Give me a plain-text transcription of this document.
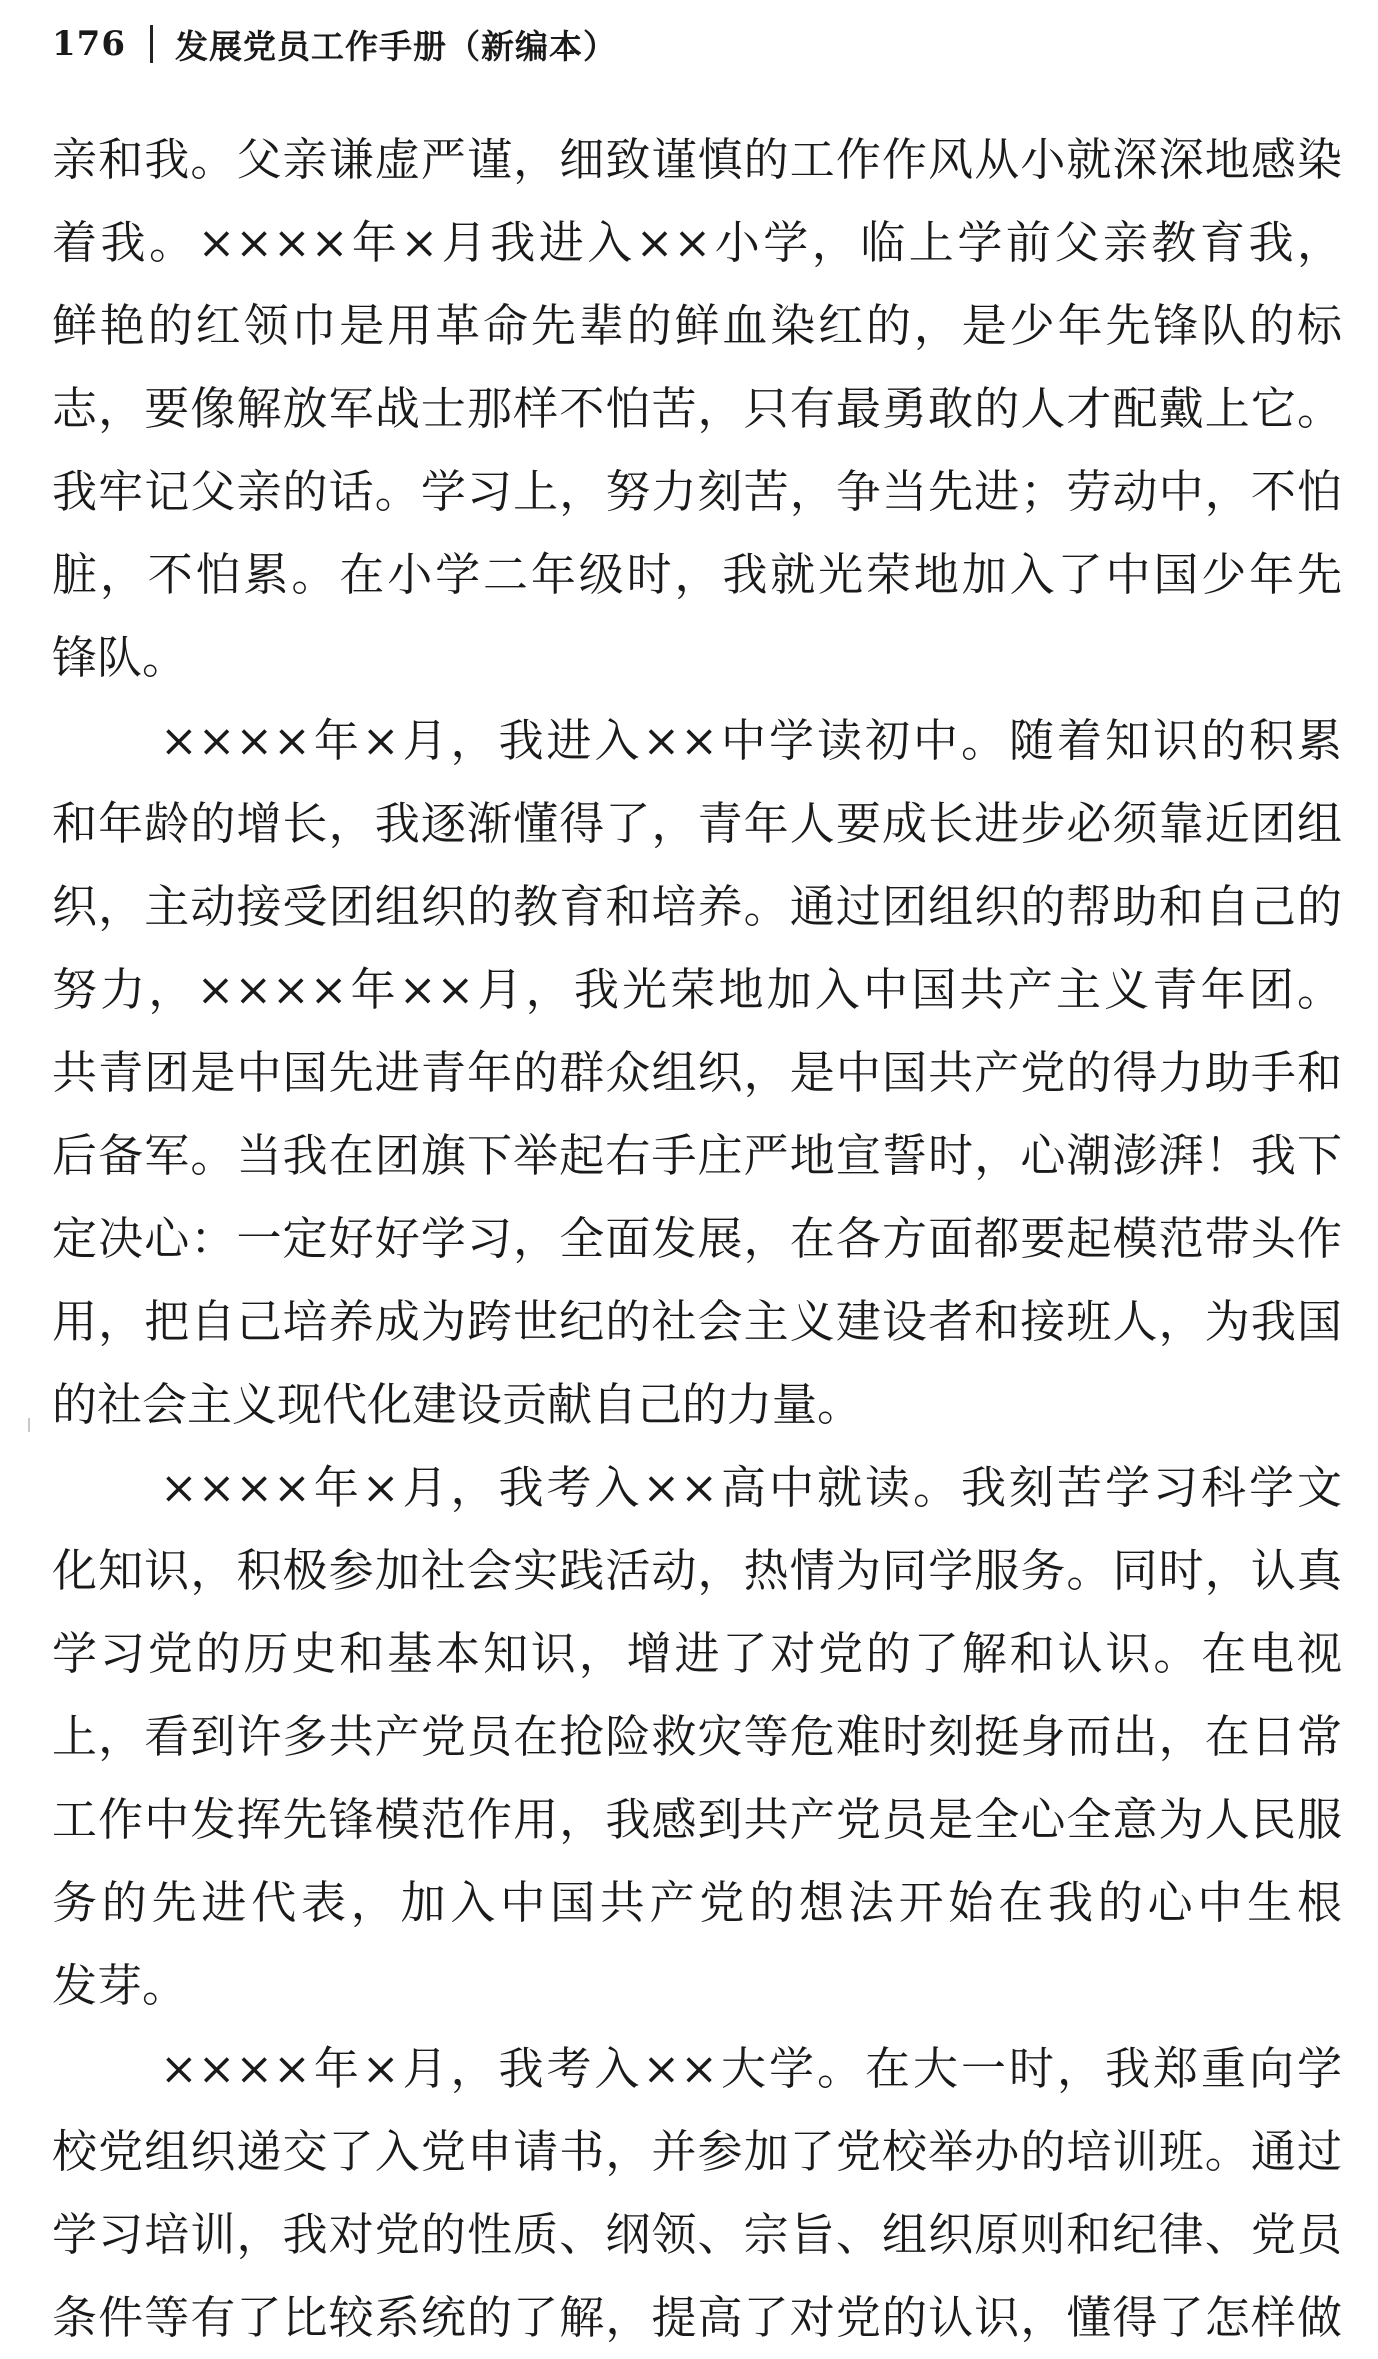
176 发展党员工作手册（新编本）
亲和我。父亲谦虚严谨，细致谨慎的工作作风从小就深深地感染
着我。××××年×月我进入××小学，临上学前父亲教育我，
鲜艳的红领巾是用革命先辈的鲜血染红的，是少年先锋队的标
志，要像解放军战士那样不怕苦，只有最勇敢的人才配戴上它。
我牢记父亲的话。学习上，努力刻苦，争当先进；劳动中，不怕
脏，不怕累。在小学二年级时，我就光荣地加入了中国少年先
锋队。
××××年×月，我进入××中学读初中。随着知识的积累
和年龄的增长，我逐渐懂得了，青年人要成长进步必须靠近团组
织，主动接受团组织的教育和培养。通过团组织的帮助和自己的
努力，××××年××月，我光荣地加入中国共产主义青年团。
共青团是中国先进青年的群众组织，是中国共产党的得力助手和
后备军。当我在团旗下举起右手庄严地宣誓时，心潮澎湃！我下
定决心：一定好好学习，全面发展，在各方面都要起模范带头作
用，把自己培养成为跨世纪的社会主义建设者和接班人，为我国
的社会主义现代化建设贡献自己的力量。
××××年×月，我考入××高中就读。我刻苦学习科学文
化知识，积极参加社会实践活动，热情为同学服务。同时，认真
学习党的历史和基本知识，增进了对党的了解和认识。在电视
上，看到许多共产党员在抢险救灾等危难时刻挺身而出，在日常
工作中发挥先锋模范作用，我感到共产党员是全心全意为人民服
务的先进代表，加入中国共产党的想法开始在我的心中生根
发芽。
××××年×月，我考入××大学。在大一时，我郑重向学
校党组织递交了入党申请书，并参加了党校举办的培训班。通过
学习培训，我对党的性质、纲领、宗旨、组织原则和纪律、党员
条件等有了比较系统的了解，提高了对党的认识，懂得了怎样做
